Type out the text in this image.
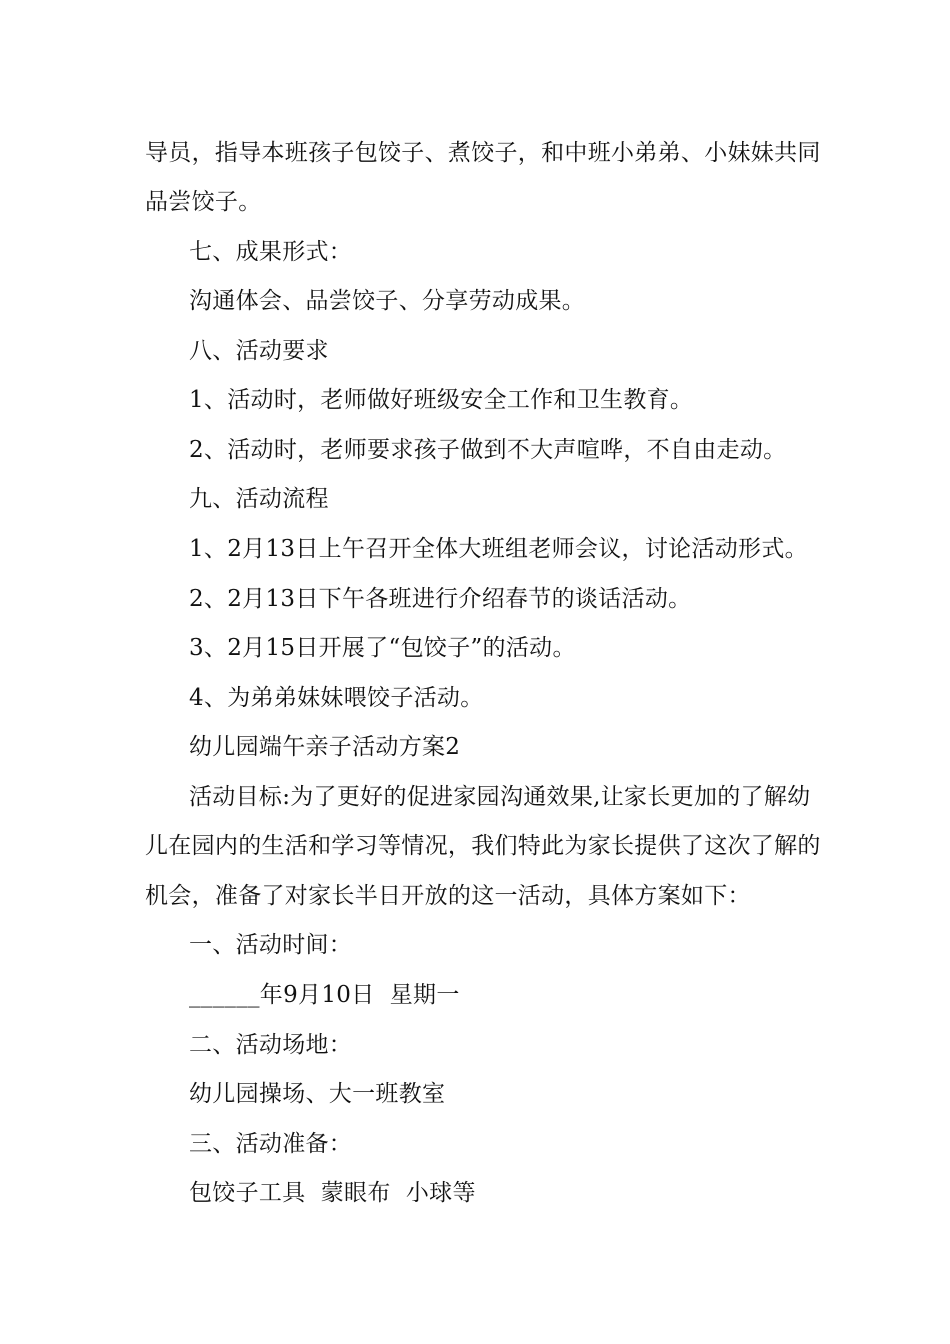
导员，指导本班孩子包饺子、煮饺子，和中班小弟弟、小妹妹共同
品尝饺子。
七、成果形式：
沟通体会、品尝饺子、分享劳动成果。
八、活动要求
1、活动时，老师做好班级安全工作和卫生教育。
2、活动时，老师要求孩子做到不大声喧哗，不自由走动。
九、活动流程
1、2月13日上午召开全体大班组老师会议，讨论活动形式。
2、2月13日下午各班进行介绍春节的谈话活动。
3、2月15日开展了“包饺子”的活动。
4、为弟弟妹妹喂饺子活动。
幼儿园端午亲子活动方案2
活动目标:为了更好的促进家园沟通效果,让家长更加的了解幼
儿在园内的生活和学习等情况，我们特此为家长提供了这次了解的
机会，准备了对家长半日开放的这一活动，具体方案如下：
一、活动时间：
______年9月10日  星期一
二、活动场地：
幼儿园操场、大一班教室
三、活动准备：
包饺子工具  蒙眼布  小球等
